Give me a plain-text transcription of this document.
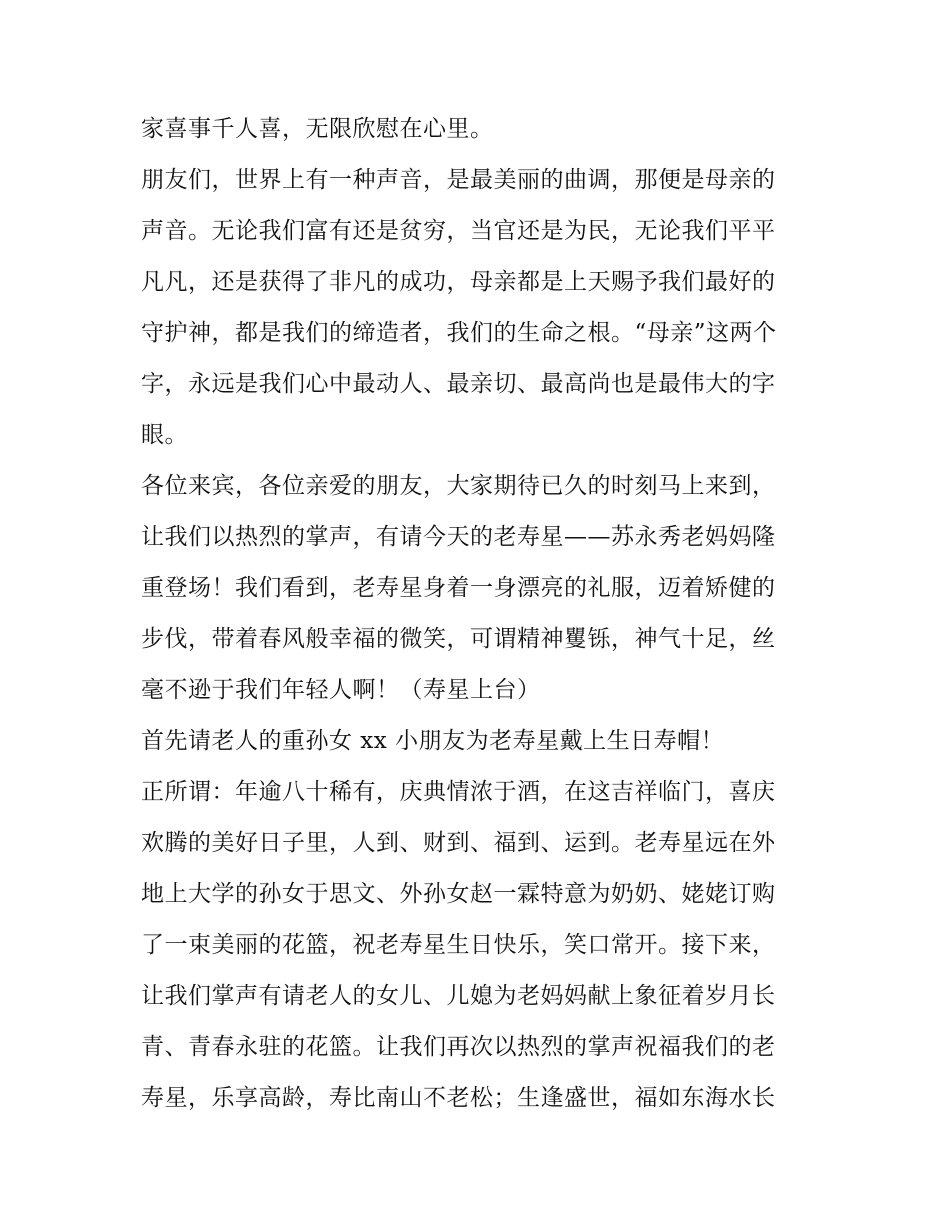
家喜事千人喜，无限欣慰在心里。
朋友们，世界上有一种声音，是最美丽的曲调，那便是母亲的
声音。无论我们富有还是贫穷，当官还是为民，无论我们平平
凡凡，还是获得了非凡的成功，母亲都是上天赐予我们最好的
守护神，都是我们的缔造者，我们的生命之根。“母亲”这两个
字，永远是我们心中最动人、最亲切、最高尚也是最伟大的字
眼。
各位来宾，各位亲爱的朋友，大家期待已久的时刻马上来到，
让我们以热烈的掌声，有请今天的老寿星——苏永秀老妈妈隆
重登场！我们看到，老寿星身着一身漂亮的礼服，迈着矫健的
步伐，带着春风般幸福的微笑，可谓精神矍铄，神气十足，丝
毫不逊于我们年轻人啊！（寿星上台）
首先请老人的重孙女 xx 小朋友为老寿星戴上生日寿帽！
正所谓：年逾八十稀有，庆典情浓于酒，在这吉祥临门，喜庆
欢腾的美好日子里，人到、财到、福到、运到。老寿星远在外
地上大学的孙女于思文、外孙女赵一霖特意为奶奶、姥姥订购
了一束美丽的花篮，祝老寿星生日快乐，笑口常开。接下来，
让我们掌声有请老人的女儿、儿媳为老妈妈献上象征着岁月长
青、青春永驻的花篮。让我们再次以热烈的掌声祝福我们的老
寿星，乐享高龄，寿比南山不老松；生逢盛世，福如东海水长
